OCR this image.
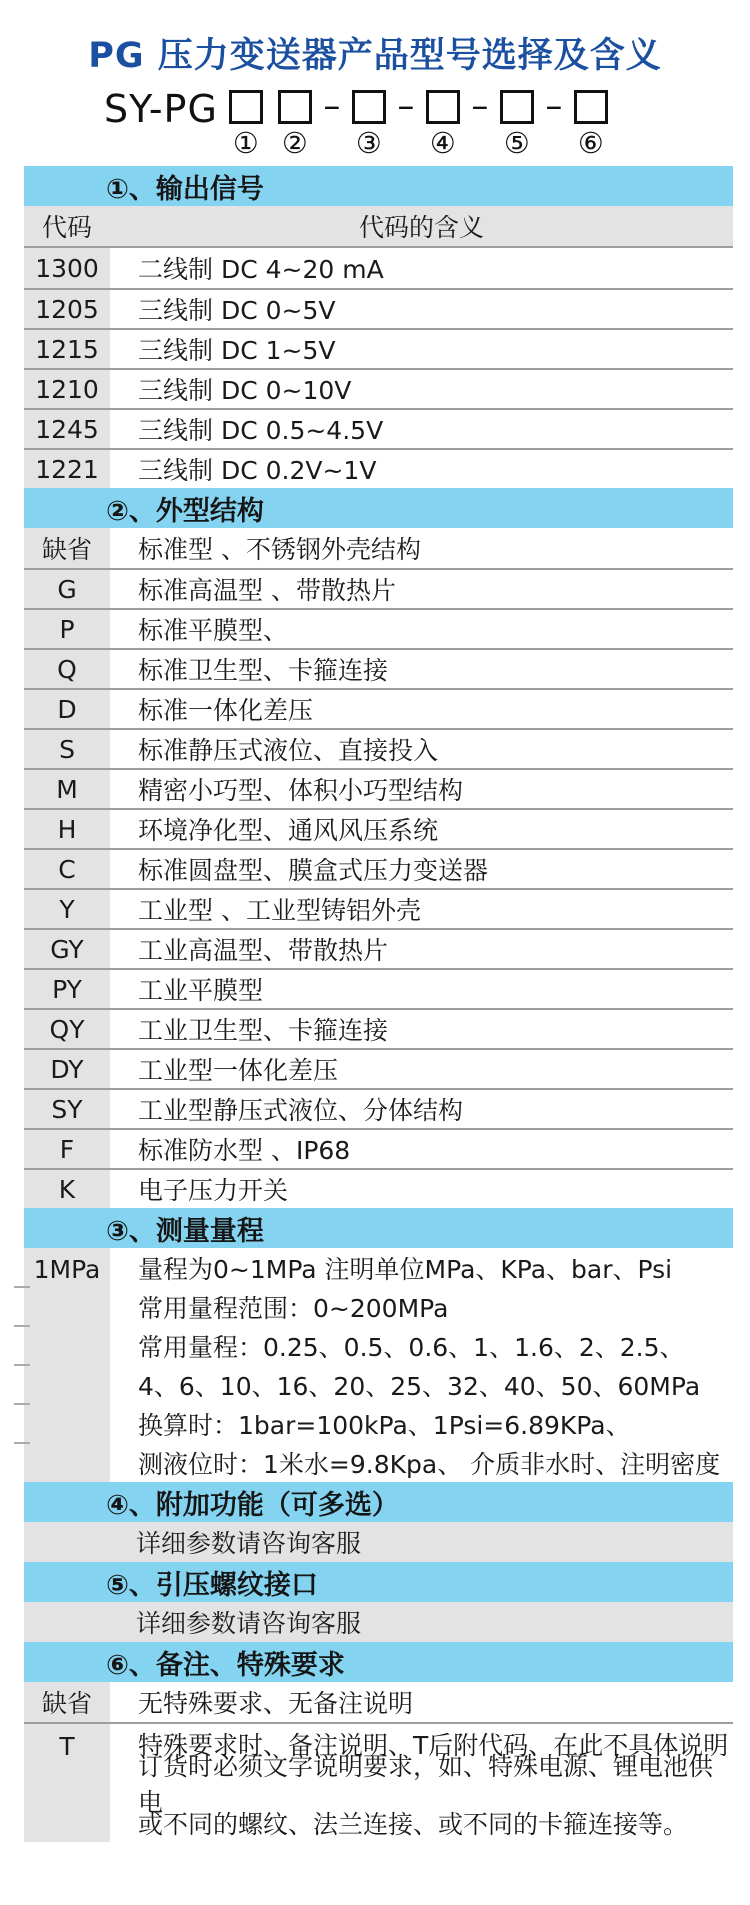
PG 压力变送器产品型号选择及含义
SY-PG
① ②
–
③
–
④
–
⑤
–
⑥
①、输出信号
代码	代码的含义
1300	二线制 DC 4~20 mA
1205	三线制 DC 0~5V
1215	三线制 DC 1~5V
1210	三线制 DC 0~10V
1245	三线制 DC 0.5~4.5V
1221	三线制 DC 0.2V~1V
②、外型结构
缺省	标准型 、不锈钢外壳结构
G	标准高温型 、带散热片
P	标准平膜型、
Q	标准卫生型、卡箍连接
D	标准一体化差压
S	标准静压式液位、直接投入
M	精密小巧型、体积小巧型结构
H	环境净化型、通风风压系统
C	标准圆盘型、膜盒式压力变送器
Y	工业型 、工业型铸铝外壳
GY	工业高温型、带散热片
PY	工业平膜型
QY	工业卫生型、卡箍连接
DY	工业型一体化差压
SY	工业型静压式液位、分体结构
F	标准防水型 、IP68
K	电子压力开关
③、测量量程
1MPa	量程为0~1MPa 注明单位MPa、KPa、bar、Psi
常用量程范围：0~200MPa
常用量程：0.25、0.5、0.6、1、1.6、2、2.5、
4、6、10、16、20、25、32、40、50、60MPa
换算时：1bar=100kPa、1Psi=6.89KPa、
测液位时：1米水=9.8Kpa、 介质非水时、注明密度
④、附加功能（可多选）
详细参数请咨询客服
⑤、引压螺纹接口
详细参数请咨询客服
⑥、备注、特殊要求
缺省	无特殊要求、无备注说明
T	特殊要求时、备注说明、T后附代码、在此不具体说明
订货时必须文字说明要求，如、特殊电源、锂电池供电
或不同的螺纹、法兰连接、或不同的卡箍连接等。
